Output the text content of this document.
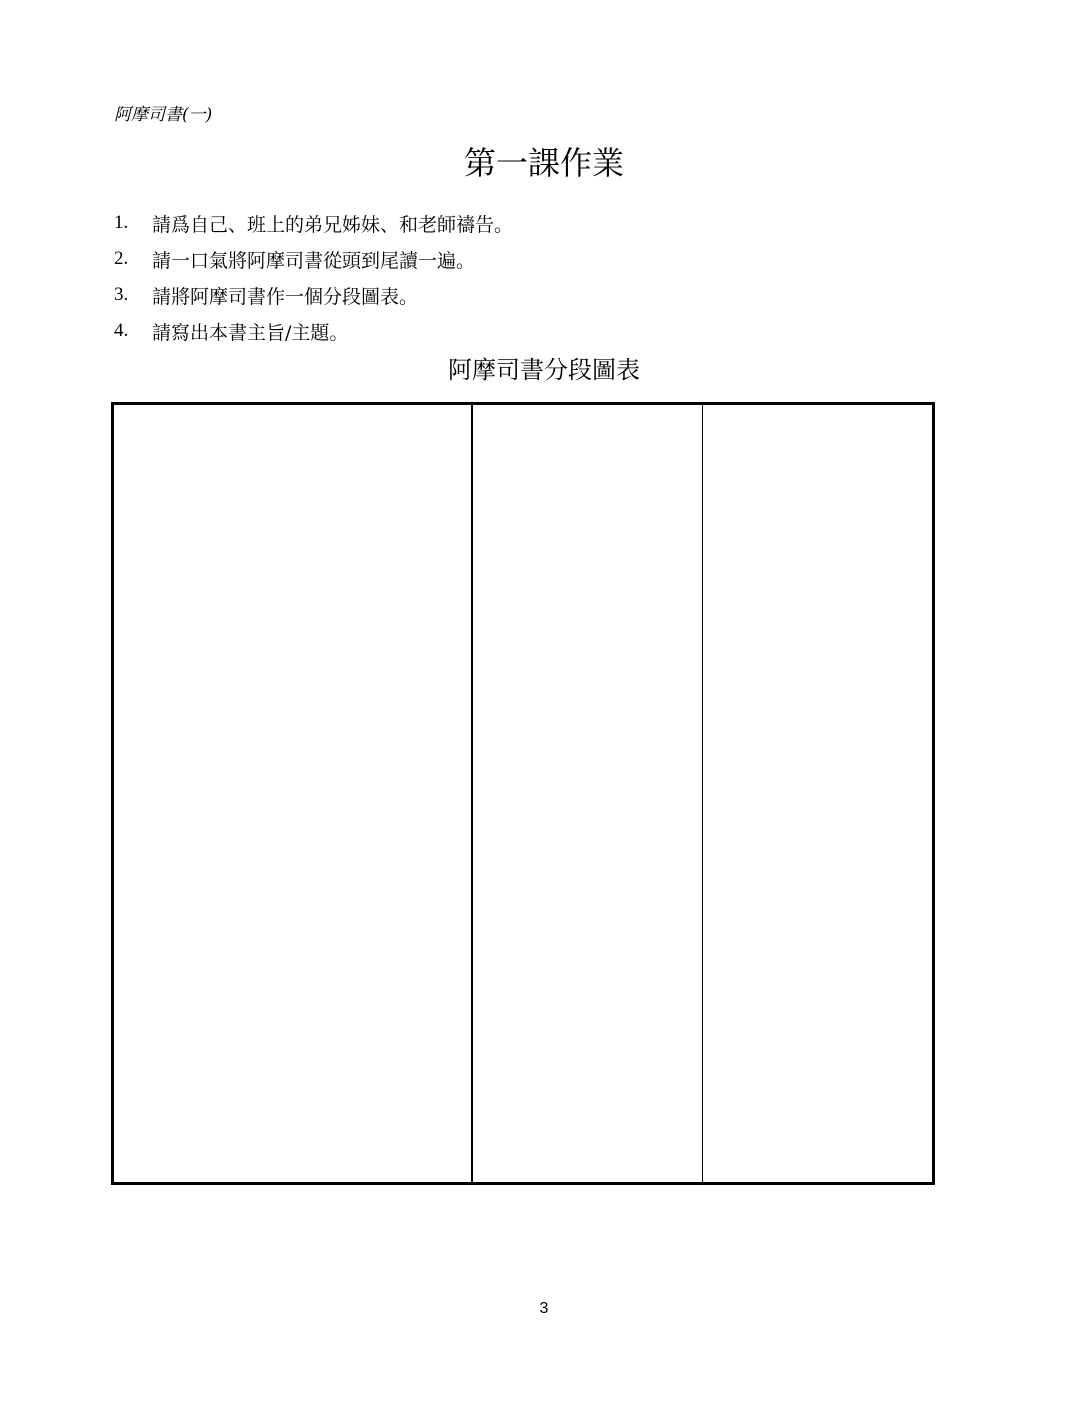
阿摩司書(一)
第一課作業
1.	請爲自己、班上的弟兄姊妹、和老師禱告。
2.	請一口氣將阿摩司書從頭到尾讀一遍。
3.	請將阿摩司書作一個分段圖表。
4.	請寫出本書主旨/主題。
阿摩司書分段圖表
3
